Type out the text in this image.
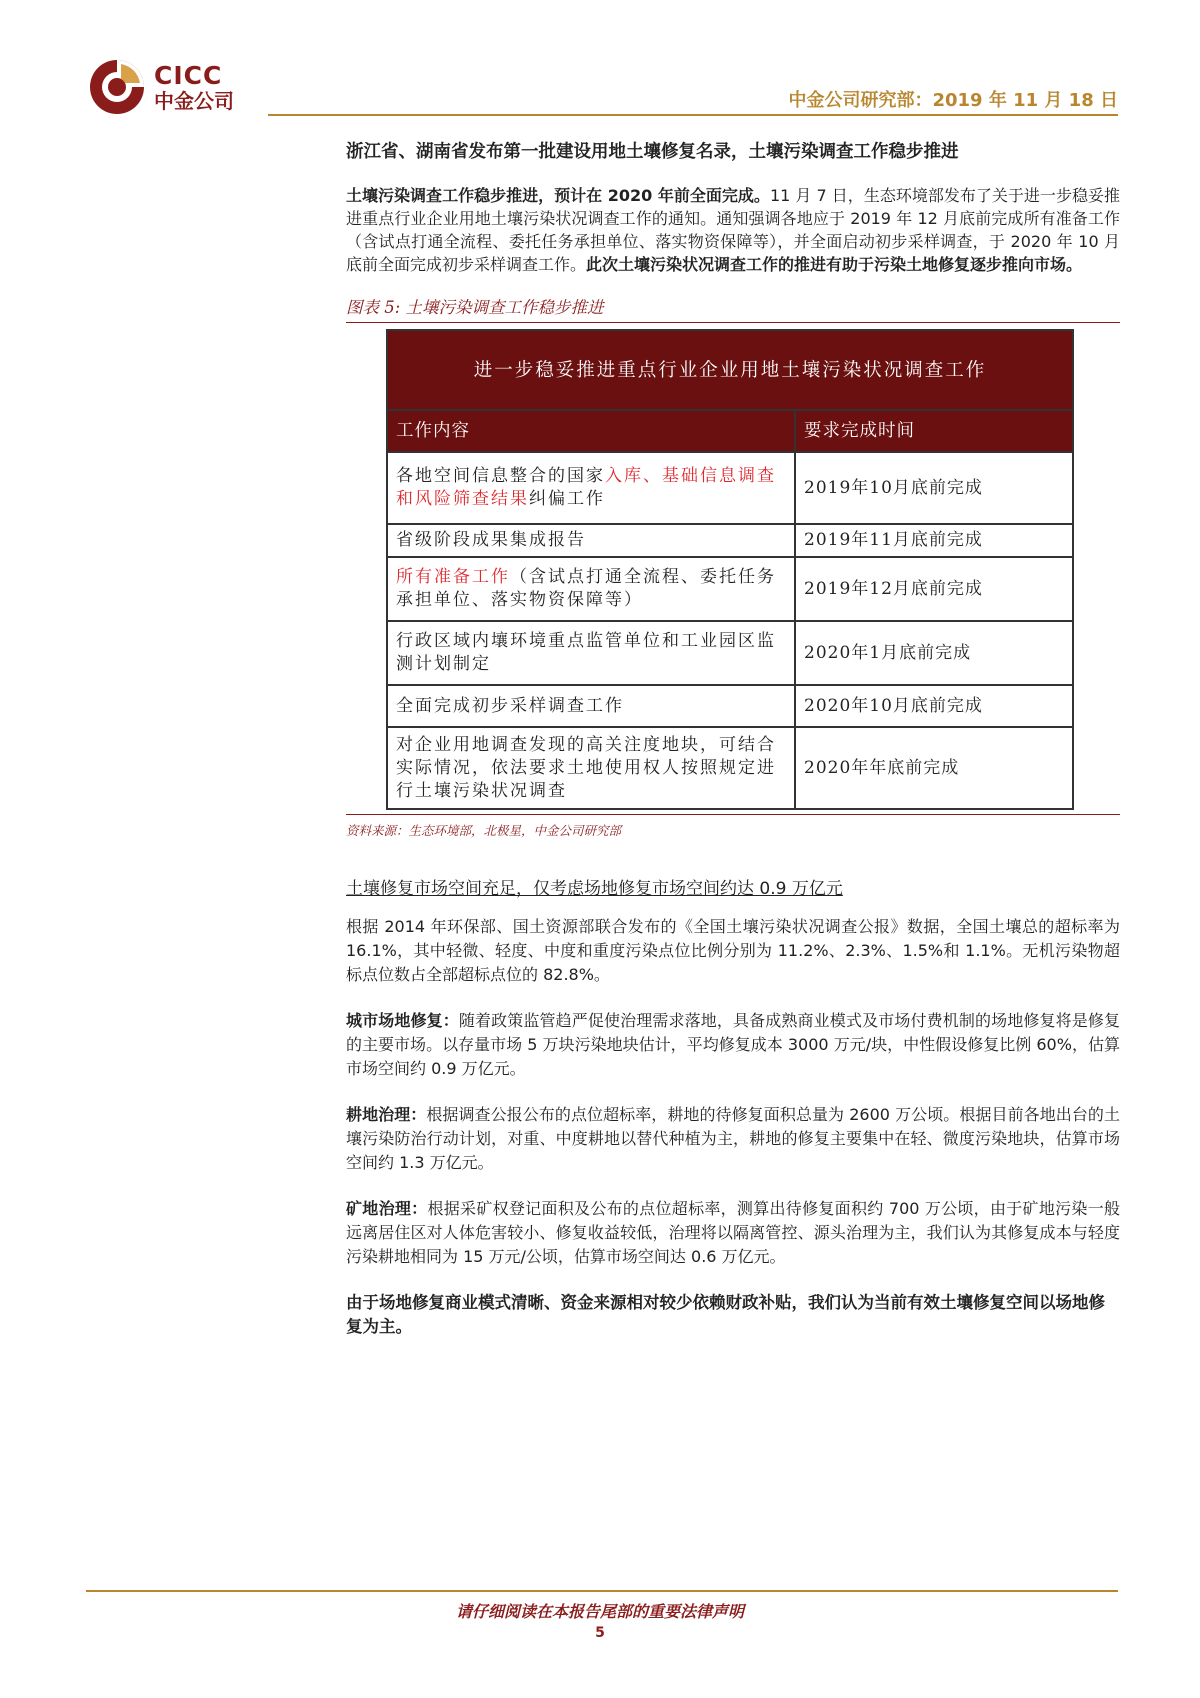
CICC
中金公司	中金公司研究部：2019 年 11 月 18 日
浙江省、湖南省发布第一批建设用地土壤修复名录，土壤污染调查工作稳步推进

土壤污染调查工作稳步推进，预计在 2020 年前全面完成。11 月 7 日，生态环境部发布了关于进一步稳妥推进重点行业企业用地土壤污染状况调查工作的通知。通知强调各地应于 2019 年 12 月底前完成所有准备工作（含试点打通全流程、委托任务承担单位、落实物资保障等），并全面启动初步采样调查，于 2020 年 10 月底前全面完成初步采样调查工作。此次土壤污染状况调查工作的推进有助于污染土地修复逐步推向市场。

图表 5: 土壤污染调查工作稳步推进
进一步稳妥推进重点行业企业用地土壤污染状况调查工作	
工作内容	要求完成时间
各地空间信息整合的国家入库、基础信息调查和风险筛查结果纠偏工作	2019年10月底前完成
省级阶段成果集成报告	2019年11月底前完成
所有准备工作（含试点打通全流程、委托任务承担单位、落实物资保障等）	2019年12月底前完成
行政区域内壤环境重点监管单位和工业园区监测计划制定	2020年1月底前完成
全面完成初步采样调查工作	2020年10月底前完成
对企业用地调查发现的高关注度地块，可结合实际情况，依法要求土地使用权人按照规定进行土壤污染状况调查	2020年年底前完成
资料来源：生态环境部，北极星，中金公司研究部
土壤修复市场空间充足，仅考虑场地修复市场空间约达 0.9 万亿元

根据 2014 年环保部、国土资源部联合发布的《全国土壤污染状况调查公报》数据，全国土壤总的超标率为 16.1%，其中轻微、轻度、中度和重度污染点位比例分别为 11.2%、2.3%、1.5%和 1.1%。无机污染物超标点位数占全部超标点位的 82.8%。

城市场地修复：随着政策监管趋严促使治理需求落地，具备成熟商业模式及市场付费机制的场地修复将是修复的主要市场。以存量市场 5 万块污染地块估计，平均修复成本 3000 万元/块，中性假设修复比例 60%，估算市场空间约 0.9 万亿元。

耕地治理：根据调查公报公布的点位超标率，耕地的待修复面积总量为 2600 万公顷。根据目前各地出台的土壤污染防治行动计划，对重、中度耕地以替代种植为主，耕地的修复主要集中在轻、微度污染地块，估算市场空间约 1.3 万亿元。

矿地治理：根据采矿权登记面积及公布的点位超标率，测算出待修复面积约 700 万公顷，由于矿地污染一般远离居住区对人体危害较小、修复收益较低，治理将以隔离管控、源头治理为主，我们认为其修复成本与轻度污染耕地相同为 15 万元/公顷，估算市场空间达 0.6 万亿元。

由于场地修复商业模式清晰、资金来源相对较少依赖财政补贴，我们认为当前有效土壤修复空间以场地修复为主。

请仔细阅读在本报告尾部的重要法律声明
5
